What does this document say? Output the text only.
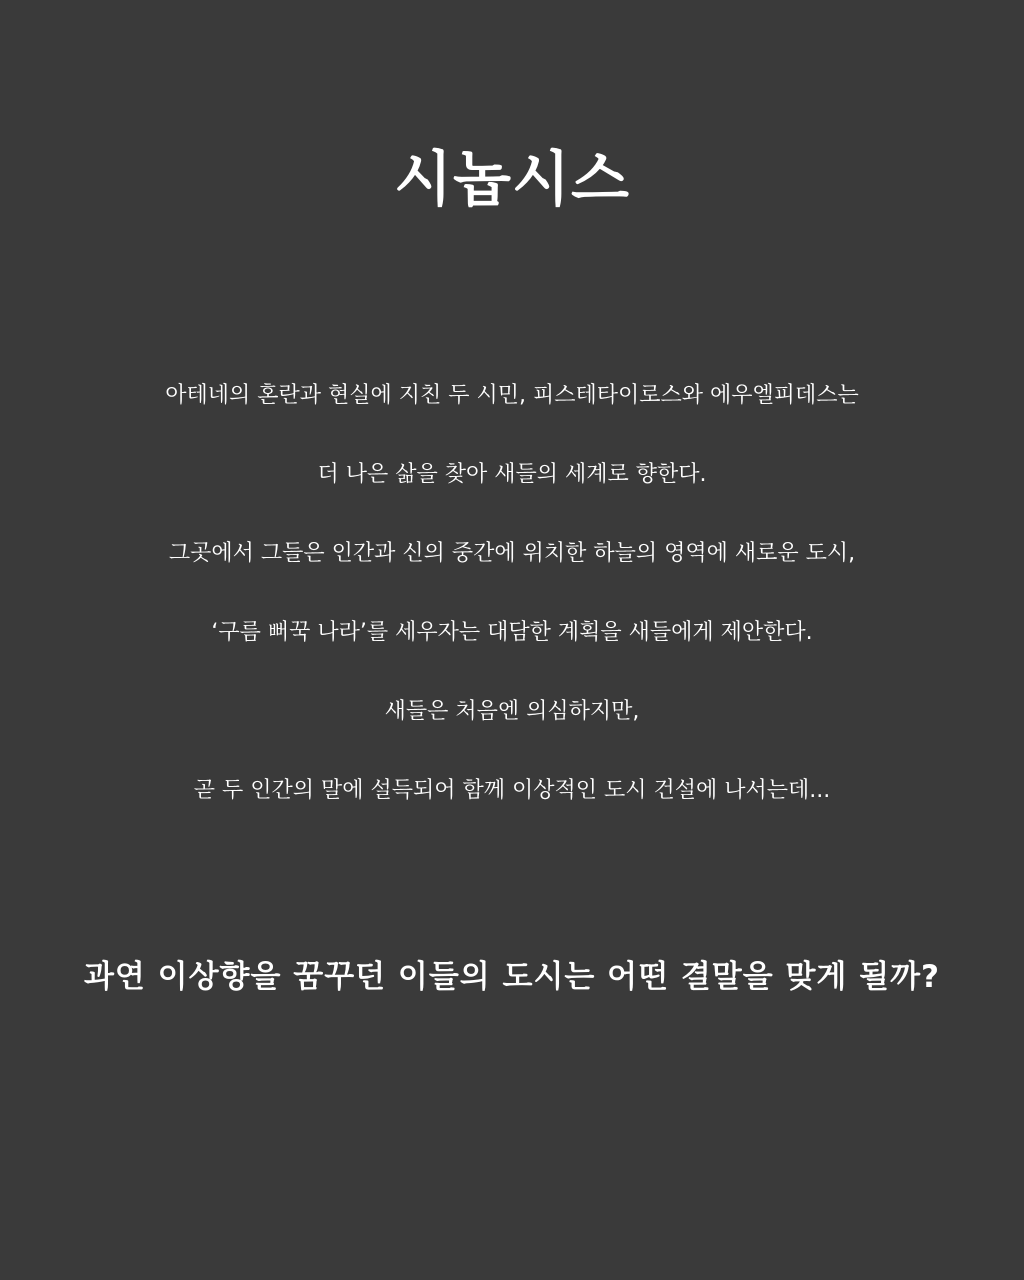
시놉시스
아테네의 혼란과 현실에 지친 두 시민, 피스테타이로스와 에우엘피데스는
더 나은 삶을 찾아 새들의 세계로 향한다.
그곳에서 그들은 인간과 신의 중간에 위치한 하늘의 영역에 새로운 도시,
‘구름 뻐꾹 나라’를 세우자는 대담한 계획을 새들에게 제안한다.
새들은 처음엔 의심하지만,
곧 두 인간의 말에 설득되어 함께 이상적인 도시 건설에 나서는데...
과연 이상향을 꿈꾸던 이들의 도시는 어떤 결말을 맞게 될까?
